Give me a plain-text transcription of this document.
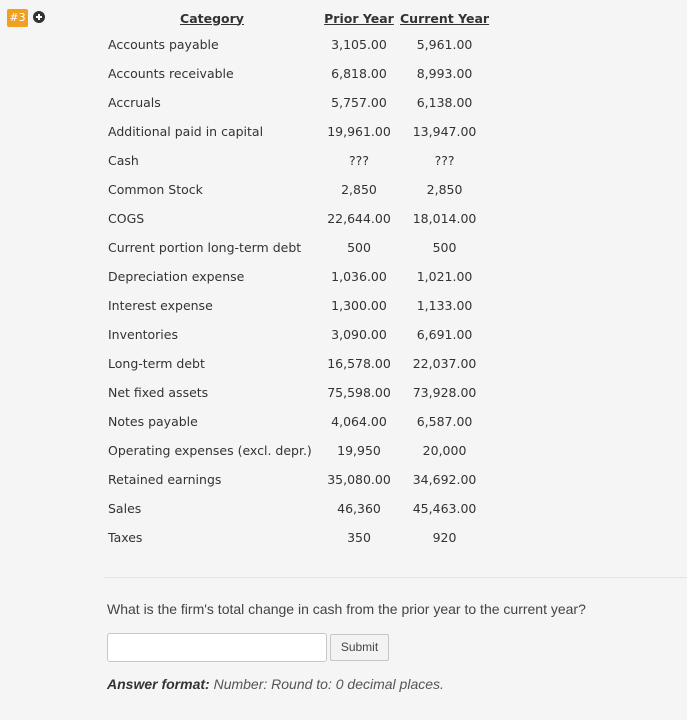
#3	Category	Prior Year	Current Year
Accounts payable	3,105.00	5,961.00
Accounts receivable	6,818.00	8,993.00
Accruals	5,757.00	6,138.00
Additional paid in capital	19,961.00	13,947.00
Cash	???	???
Common Stock	2,850	2,850
COGS	22,644.00	18,014.00
Current portion long-term debt	500	500
Depreciation expense	1,036.00	1,021.00
Interest expense	1,300.00	1,133.00
Inventories	3,090.00	6,691.00
Long-term debt	16,578.00	22,037.00
Net fixed assets	75,598.00	73,928.00
Notes payable	4,064.00	6,587.00
Operating expenses (excl. depr.)	19,950	20,000
Retained earnings	35,080.00	34,692.00
Sales	46,360	45,463.00
Taxes	350	920
What is the firm's total change in cash from the prior year to the current year?
Submit
Answer format: Number: Round to: 0 decimal places.
